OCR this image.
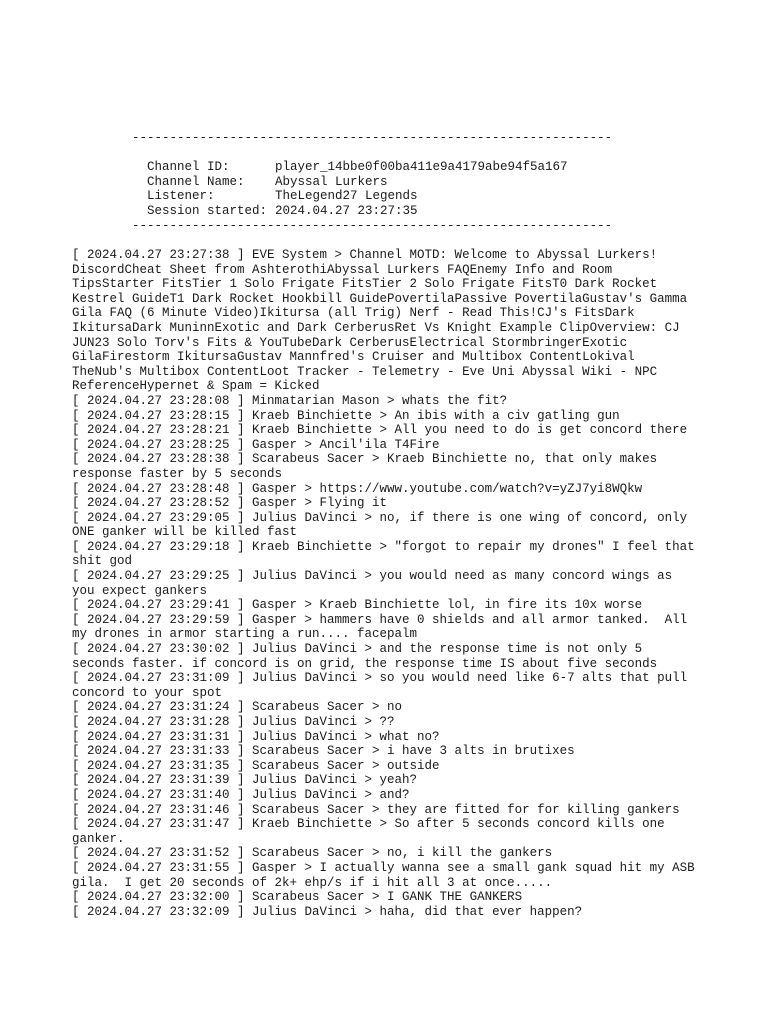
----------------------------------------------------------------
Channel ID:	player_14bbe0f00ba411e9a4179abe94f5a167
Channel Name:	Abyssal Lurkers
Listener:	TheLegend27 Legends
Session started: 2024.04.27 23:27:35
----------------------------------------------------------------
[ 2024.04.27 23:27:38 ] EVE System > Channel MOTD: Welcome to Abyssal Lurkers! DiscordCheat Sheet from AshterothiAbyssal Lurkers FAQEnemy Info and Room TipsStarter FitsTier 1 Solo Frigate FitsTier 2 Solo Frigate FitsT0 Dark Rocket Kestrel GuideT1 Dark Rocket Hookbill GuidePovertilaPassive PovertilaGustav's Gamma Gila FAQ (6 Minute Video)Ikitursa (all Trig) Nerf - Read This!CJ's FitsDark IkitursaDark MuninnExotic and Dark CerberusRet Vs Knight Example ClipOverview: CJ JUN23 Solo Torv's Fits & YouTubeDark CerberusElectrical StormbringerExotic GilaFirestorm IkitursaGustav Mannfred's Cruiser and Multibox ContentLokival TheNub's Multibox ContentLoot Tracker - Telemetry - Eve Uni Abyssal Wiki - NPC ReferenceHypernet & Spam = Kicked
[ 2024.04.27 23:28:08 ] Minmatarian Mason > whats the fit?
[ 2024.04.27 23:28:15 ] Kraeb Binchiette > An ibis with a civ gatling gun
[ 2024.04.27 23:28:21 ] Kraeb Binchiette > All you need to do is get concord there
[ 2024.04.27 23:28:25 ] Gasper > Ancil'ila T4Fire
[ 2024.04.27 23:28:38 ] Scarabeus Sacer > Kraeb Binchiette no, that only makes response faster by 5 seconds
[ 2024.04.27 23:28:48 ] Gasper > https://www.youtube.com/watch?v=yZJ7yi8WQkw
[ 2024.04.27 23:28:52 ] Gasper > Flying it
[ 2024.04.27 23:29:05 ] Julius DaVinci > no, if there is one wing of concord, only ONE ganker will be killed fast
[ 2024.04.27 23:29:18 ] Kraeb Binchiette > "forgot to repair my drones" I feel that shit god
[ 2024.04.27 23:29:25 ] Julius DaVinci > you would need as many concord wings as you expect gankers
[ 2024.04.27 23:29:41 ] Gasper > Kraeb Binchiette lol, in fire its 10x worse
[ 2024.04.27 23:29:59 ] Gasper > hammers have 0 shields and all armor tanked.  All my drones in armor starting a run.... facepalm
[ 2024.04.27 23:30:02 ] Julius DaVinci > and the response time is not only 5 seconds faster. if concord is on grid, the response time IS about five seconds
[ 2024.04.27 23:31:09 ] Julius DaVinci > so you would need like 6-7 alts that pull concord to your spot
[ 2024.04.27 23:31:24 ] Scarabeus Sacer > no
[ 2024.04.27 23:31:28 ] Julius DaVinci > ??
[ 2024.04.27 23:31:31 ] Julius DaVinci > what no?
[ 2024.04.27 23:31:33 ] Scarabeus Sacer > i have 3 alts in brutixes
[ 2024.04.27 23:31:35 ] Scarabeus Sacer > outside
[ 2024.04.27 23:31:39 ] Julius DaVinci > yeah?
[ 2024.04.27 23:31:40 ] Julius DaVinci > and?
[ 2024.04.27 23:31:46 ] Scarabeus Sacer > they are fitted for for killing gankers
[ 2024.04.27 23:31:47 ] Kraeb Binchiette > So after 5 seconds concord kills one ganker.
[ 2024.04.27 23:31:52 ] Scarabeus Sacer > no, i kill the gankers
[ 2024.04.27 23:31:55 ] Gasper > I actually wanna see a small gank squad hit my ASB gila.  I get 20 seconds of 2k+ ehp/s if i hit all 3 at once.....
[ 2024.04.27 23:32:00 ] Scarabeus Sacer > I GANK THE GANKERS
[ 2024.04.27 23:32:09 ] Julius DaVinci > haha, did that ever happen?
